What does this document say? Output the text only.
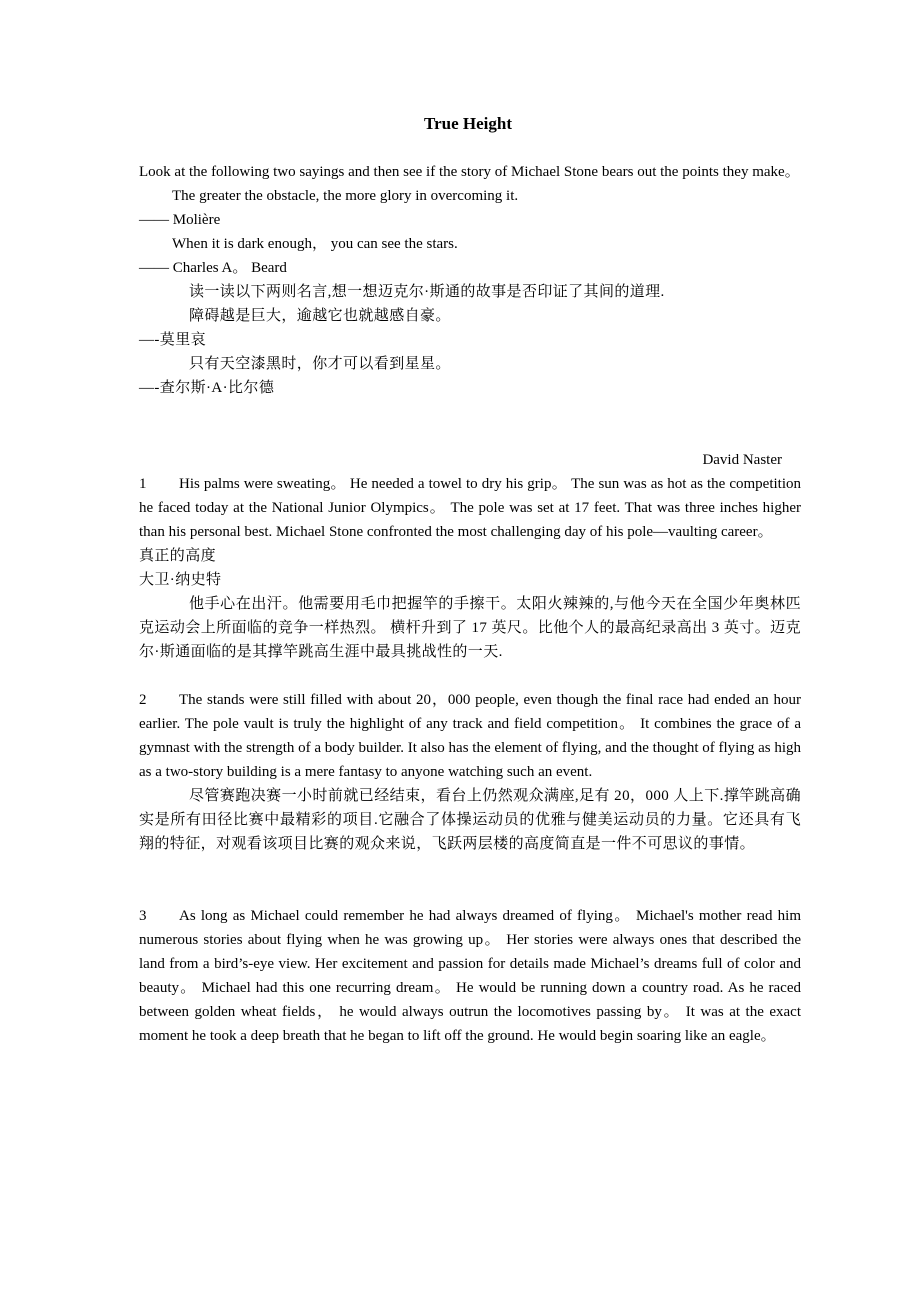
True Height

Look at the following two sayings and then see if the story of Michael Stone bears out the points they make。

The greater the obstacle, the more glory in overcoming it.

—— Molière

When it is dark enough， you can see the stars.

—— Charles A。 Beard

读一读以下两则名言,想一想迈克尔·斯通的故事是否印证了其间的道理.

障碍越是巨大，逾越它也就越感自豪。

—-莫里哀

只有天空漆黑时，你才可以看到星星。

—-查尔斯·A·比尔德

David Naster

1 His palms were sweating。 He needed a towel to dry his grip。 The sun was as hot as the competition he faced today at the National Junior Olympics。 The pole was set at 17 feet. That was three inches higher than his personal best. Michael Stone confronted the most challenging day of his pole—vaulting career。

真正的高度

大卫·纳史特

他手心在出汗。他需要用毛巾把握竿的手擦干。太阳火辣辣的,与他今天在全国少年奥林匹克运动会上所面临的竞争一样热烈。 横杆升到了 17 英尺。比他个人的最高纪录高出 3 英寸。迈克尔·斯通面临的是其撑竿跳高生涯中最具挑战性的一天.

2 The stands were still filled with about 20，000 people, even though the final race had ended an hour earlier. The pole vault is truly the highlight of any track and field competition。 It combines the grace of a gymnast with the strength of a body builder. It also has the element of flying, and the thought of flying as high as a two-story building is a mere fantasy to anyone watching such an event.

尽管赛跑决赛一小时前就已经结束，看台上仍然观众满座,足有 20，000 人上下.撑竿跳高确实是所有田径比赛中最精彩的项目.它融合了体操运动员的优雅与健美运动员的力量。它还具有飞翔的特征，对观看该项目比赛的观众来说，飞跃两层楼的高度简直是一件不可思议的事情。

3 As long as Michael could remember he had always dreamed of flying。 Michael's mother read him numerous stories about flying when he was growing up。 Her stories were always ones that described the land from a bird’s-eye view. Her excitement and passion for details made Michael’s dreams full of color and beauty。 Michael had this one recurring dream。 He would be running down a country road. As he raced between golden wheat fields， he would always outrun the locomotives passing by。 It was at the exact moment he took a deep breath that he began to lift off the ground. He would begin soaring like an eagle。
